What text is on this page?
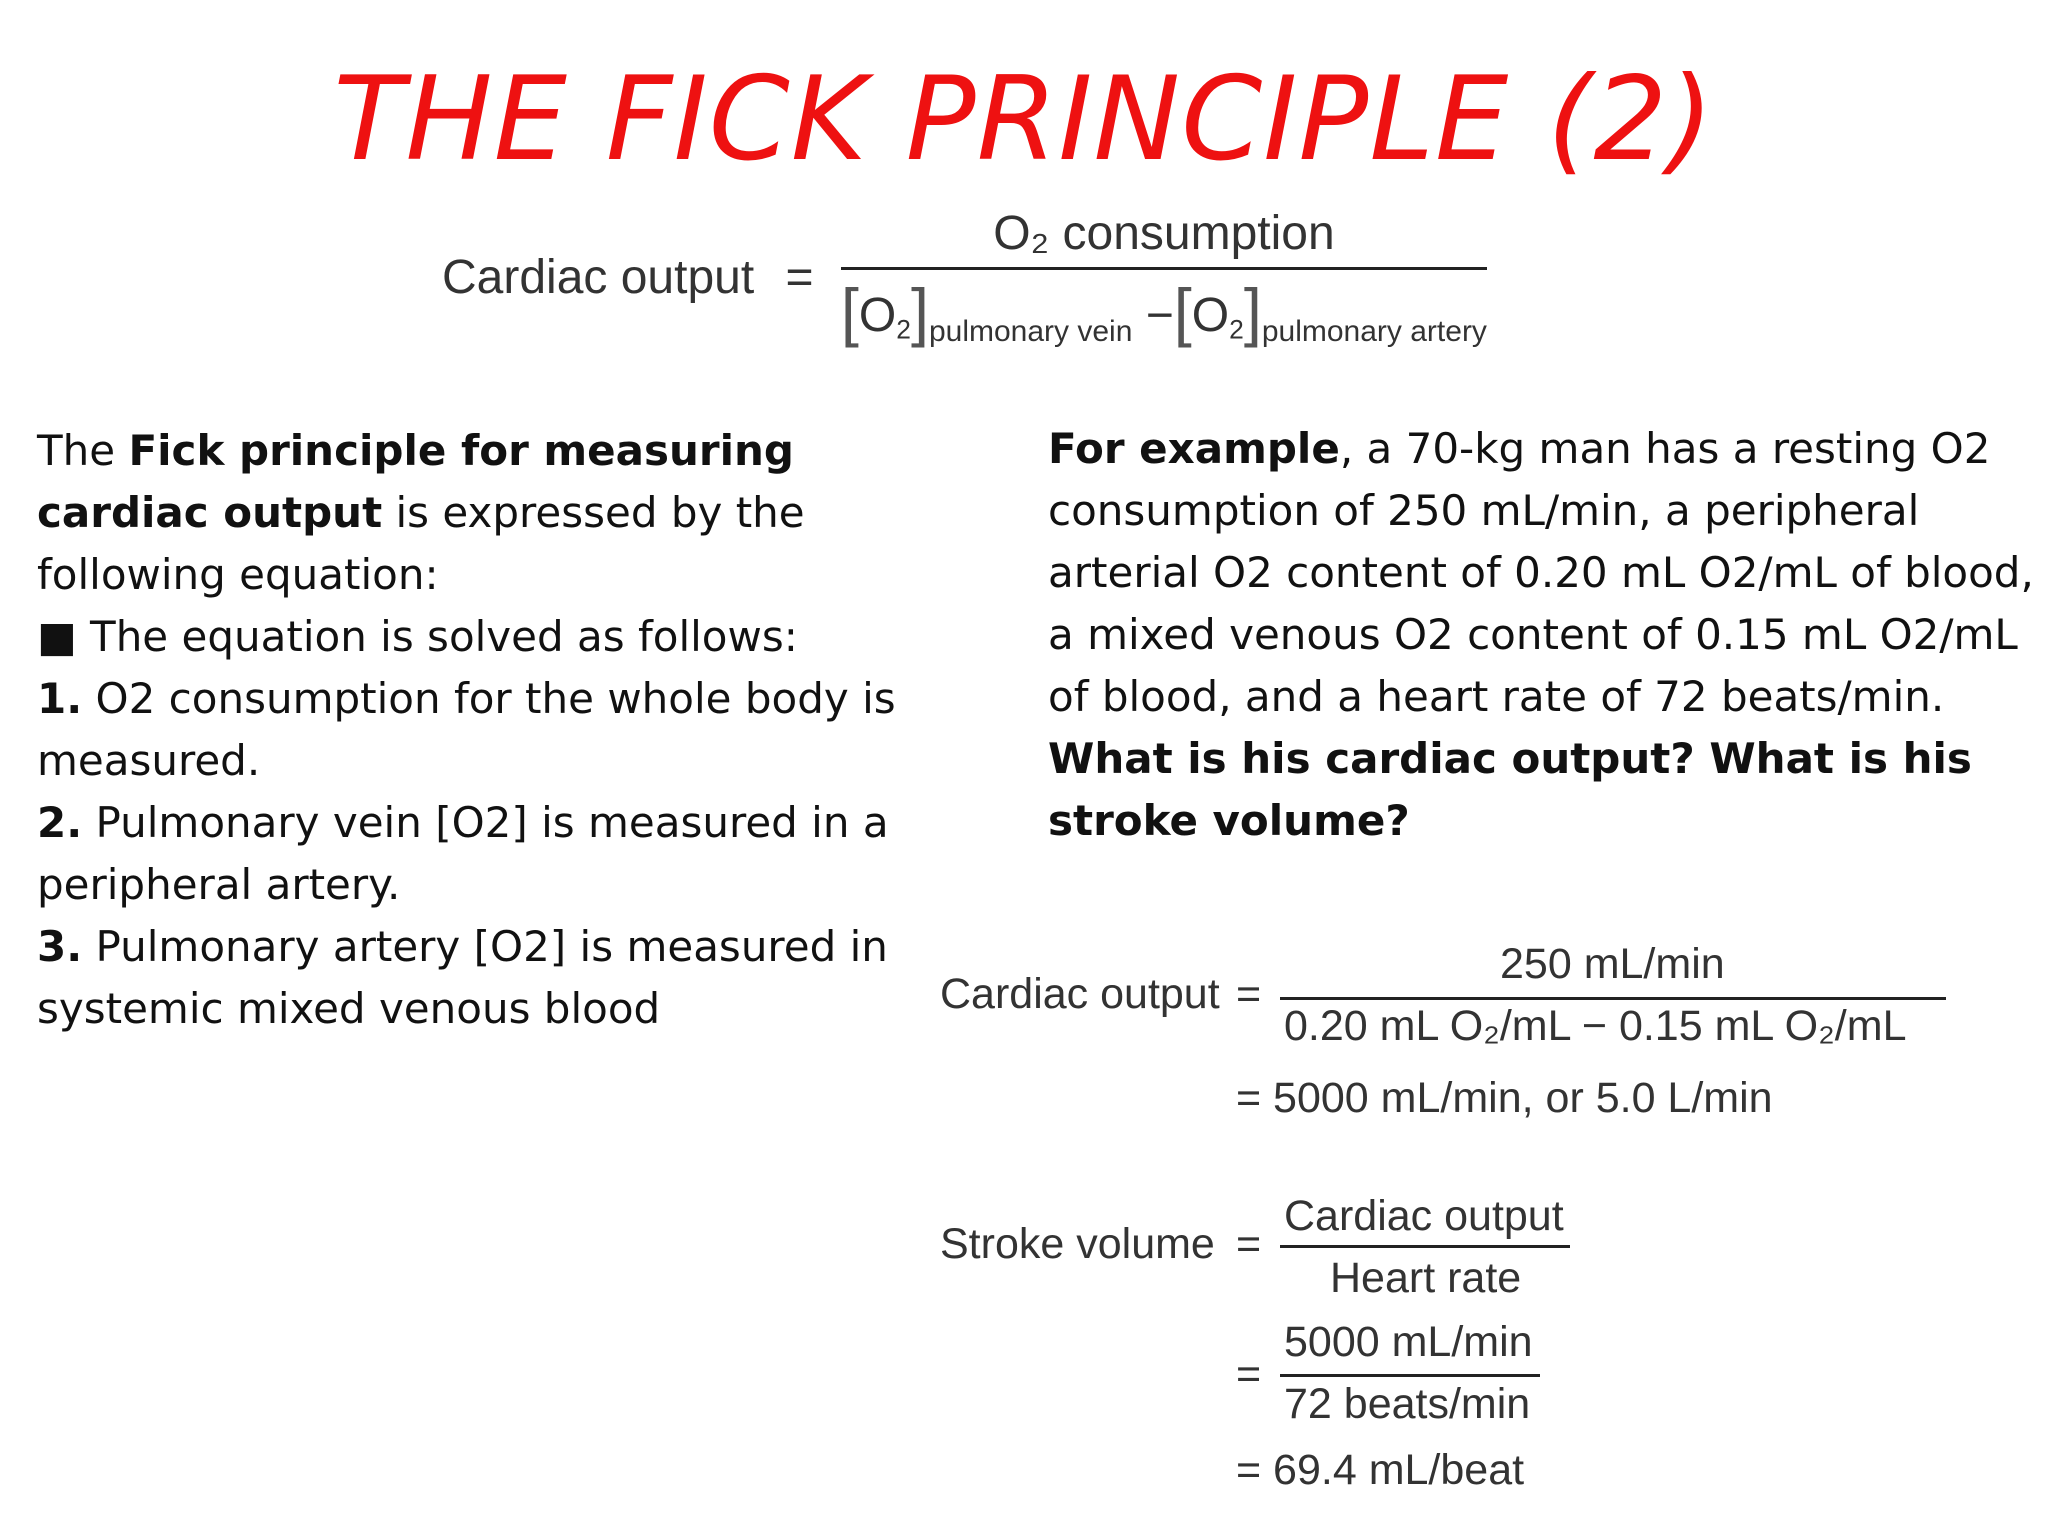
THE FICK PRINCIPLE (2)
Cardiac output = $\frac{\text{O₂ consumption}}{[O_2]_{pulmonary vein} -[O_2]_{pulmonary artery}}$

The Fick principle for measuring cardiac output is expressed by the following equation:

■ The equation is solved as follows:

1. O2 consumption for the whole body is measured.

2. Pulmonary vein [O2] is measured in a peripheral artery.

3. Pulmonary artery [O2] is measured in systemic mixed venous blood

For example, a 70-kg man has a resting O2 consumption of 250 mL/min, a peripheral arterial O2 content of 0.20 mL O2/mL of blood, a mixed venous O2 content of 0.15 mL O2/mL of blood, and a heart rate of 72 beats/min.

What is his cardiac output? What is his stroke volume?

Cardiac output =
250 mL/min
0.20 mL O₂/mL − 0.15 mL O₂/mL
= 5000 mL/min, or 5.0 L/min
Stroke volume =
Cardiac output
Heart rate
=
5000 mL/min
72 beats/min
= 69.4 mL/beat
